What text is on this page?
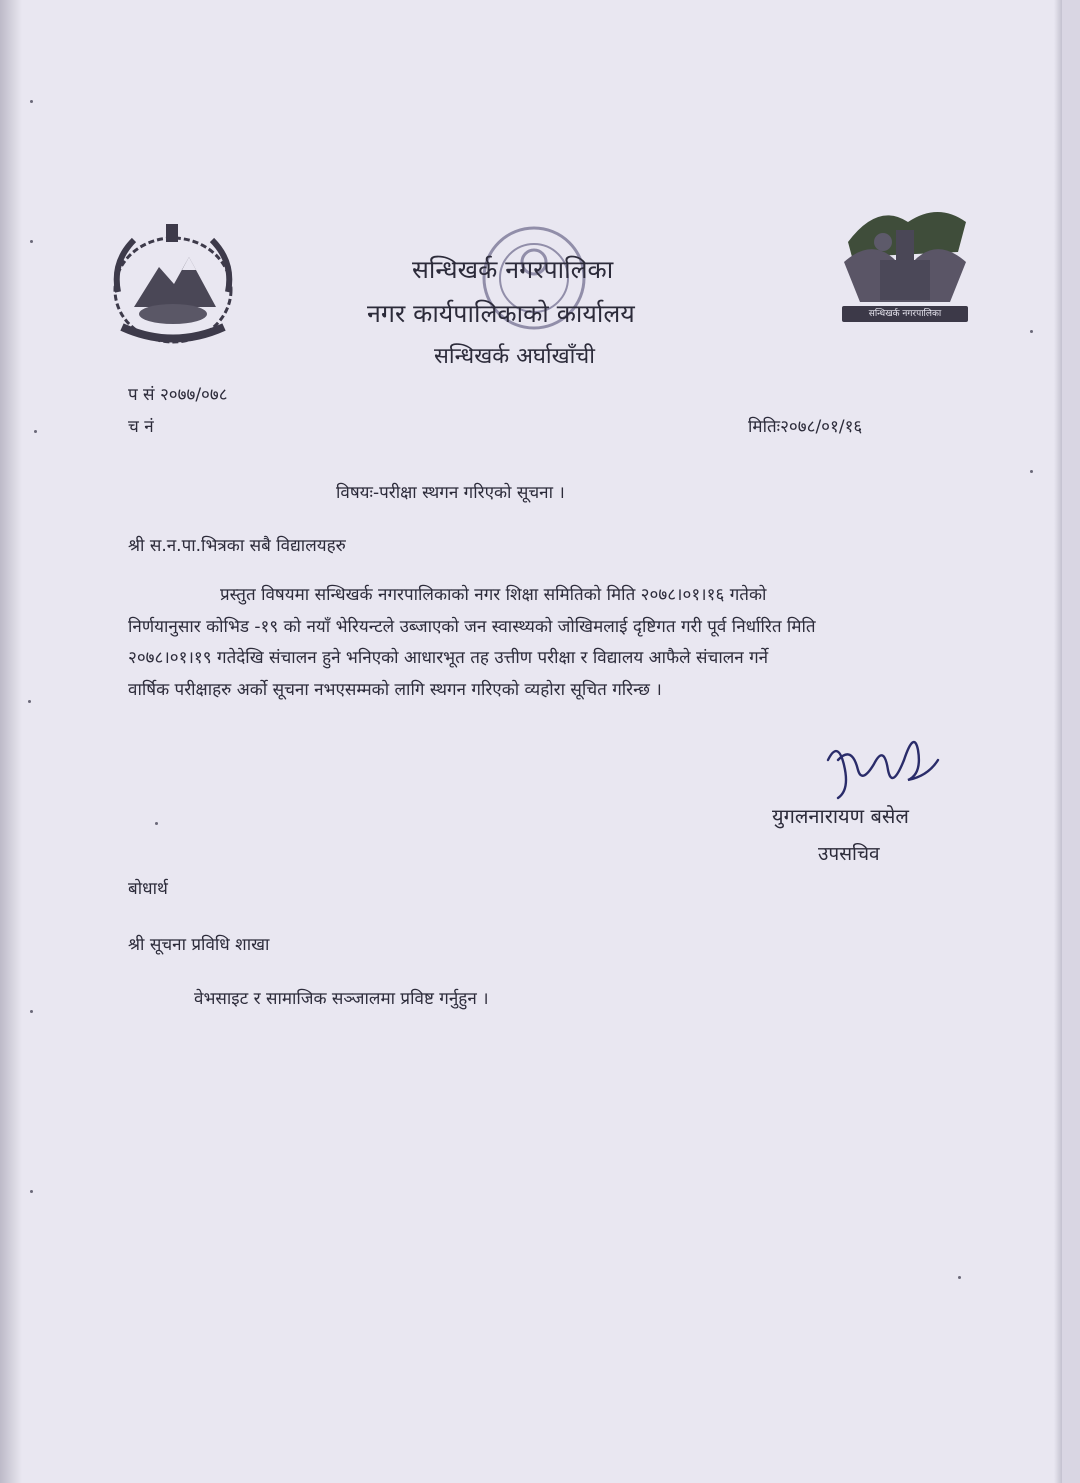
सन्धिखर्क नगरपालिका
सन्धिखर्क नगरपालिका
नगर कार्यपालिकाको कार्यालय
सन्धिखर्क अर्घाखाँची
प सं २०७७/०७८
च नं	मितिः२०७८/०१/१६
विषयः-परीक्षा स्थगन गरिएको सूचना ।
श्री स.न.पा.भित्रका सबै विद्यालयहरु
प्रस्तुत विषयमा सन्धिखर्क नगरपालिकाको नगर शिक्षा समितिको मिति २०७८।०१।१६ गतेको
निर्णयानुसार कोभिड -१९ को नयाँ भेरियन्टले उब्जाएको जन स्वास्थ्यको जोखिमलाई दृष्टिगत गरी पूर्व निर्धारित मिति
२०७८।०१।१९ गतेदेखि संचालन हुने भनिएको आधारभूत तह उत्तीण परीक्षा र विद्यालय आफैले संचालन गर्ने
वार्षिक परीक्षाहरु अर्को सूचना नभएसम्मको लागि स्थगन गरिएको व्यहोरा सूचित गरिन्छ ।
युगलनारायण बसेल
उपसचिव
बोधार्थ
श्री सूचना प्रविधि शाखा
वेभसाइट र सामाजिक सञ्जालमा प्रविष्ट गर्नुहुन ।
